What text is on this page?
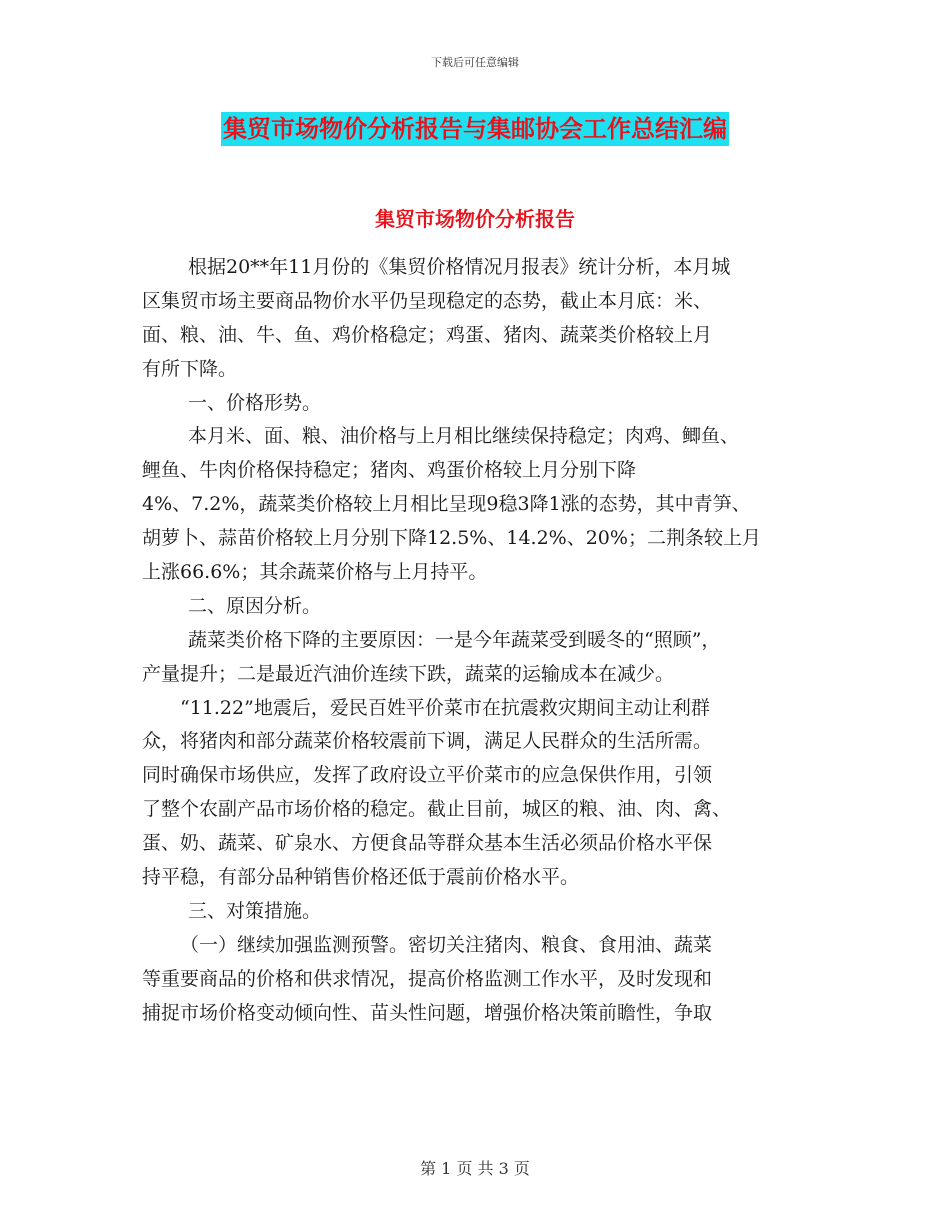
下载后可任意编辑
集贸市场物价分析报告与集邮协会工作总结汇编
集贸市场物价分析报告
根据20**年11月份的《集贸价格情况月报表》统计分析，本月城
区集贸市场主要商品物价水平仍呈现稳定的态势，截止本月底：米、
面、粮、油、牛、鱼、鸡价格稳定；鸡蛋、猪肉、蔬菜类价格较上月
有所下降。
一、价格形势。
本月米、面、粮、油价格与上月相比继续保持稳定；肉鸡、鲫鱼、
鲤鱼、牛肉价格保持稳定；猪肉、鸡蛋价格较上月分别下降
4%、7.2%，蔬菜类价格较上月相比呈现9稳3降1涨的态势，其中青笋、
胡萝卜、蒜苗价格较上月分别下降12.5%、14.2%、20%；二荆条较上月
上涨66.6%；其余蔬菜价格与上月持平。
二、原因分析。
蔬菜类价格下降的主要原因：一是今年蔬菜受到暖冬的“照顾”，
产量提升；二是最近汽油价连续下跌，蔬菜的运输成本在减少。
“11.22”地震后，爱民百姓平价菜市在抗震救灾期间主动让利群
众，将猪肉和部分蔬菜价格较震前下调，满足人民群众的生活所需。
同时确保市场供应，发挥了政府设立平价菜市的应急保供作用，引领
了整个农副产品市场价格的稳定。截止目前，城区的粮、油、肉、禽、
蛋、奶、蔬菜、矿泉水、方便食品等群众基本生活必须品价格水平保
持平稳，有部分品种销售价格还低于震前价格水平。
三、对策措施。
（一）继续加强监测预警。密切关注猪肉、粮食、食用油、蔬菜
等重要商品的价格和供求情况，提高价格监测工作水平，及时发现和
捕捉市场价格变动倾向性、苗头性问题，增强价格决策前瞻性，争取
第 1 页 共 3 页
